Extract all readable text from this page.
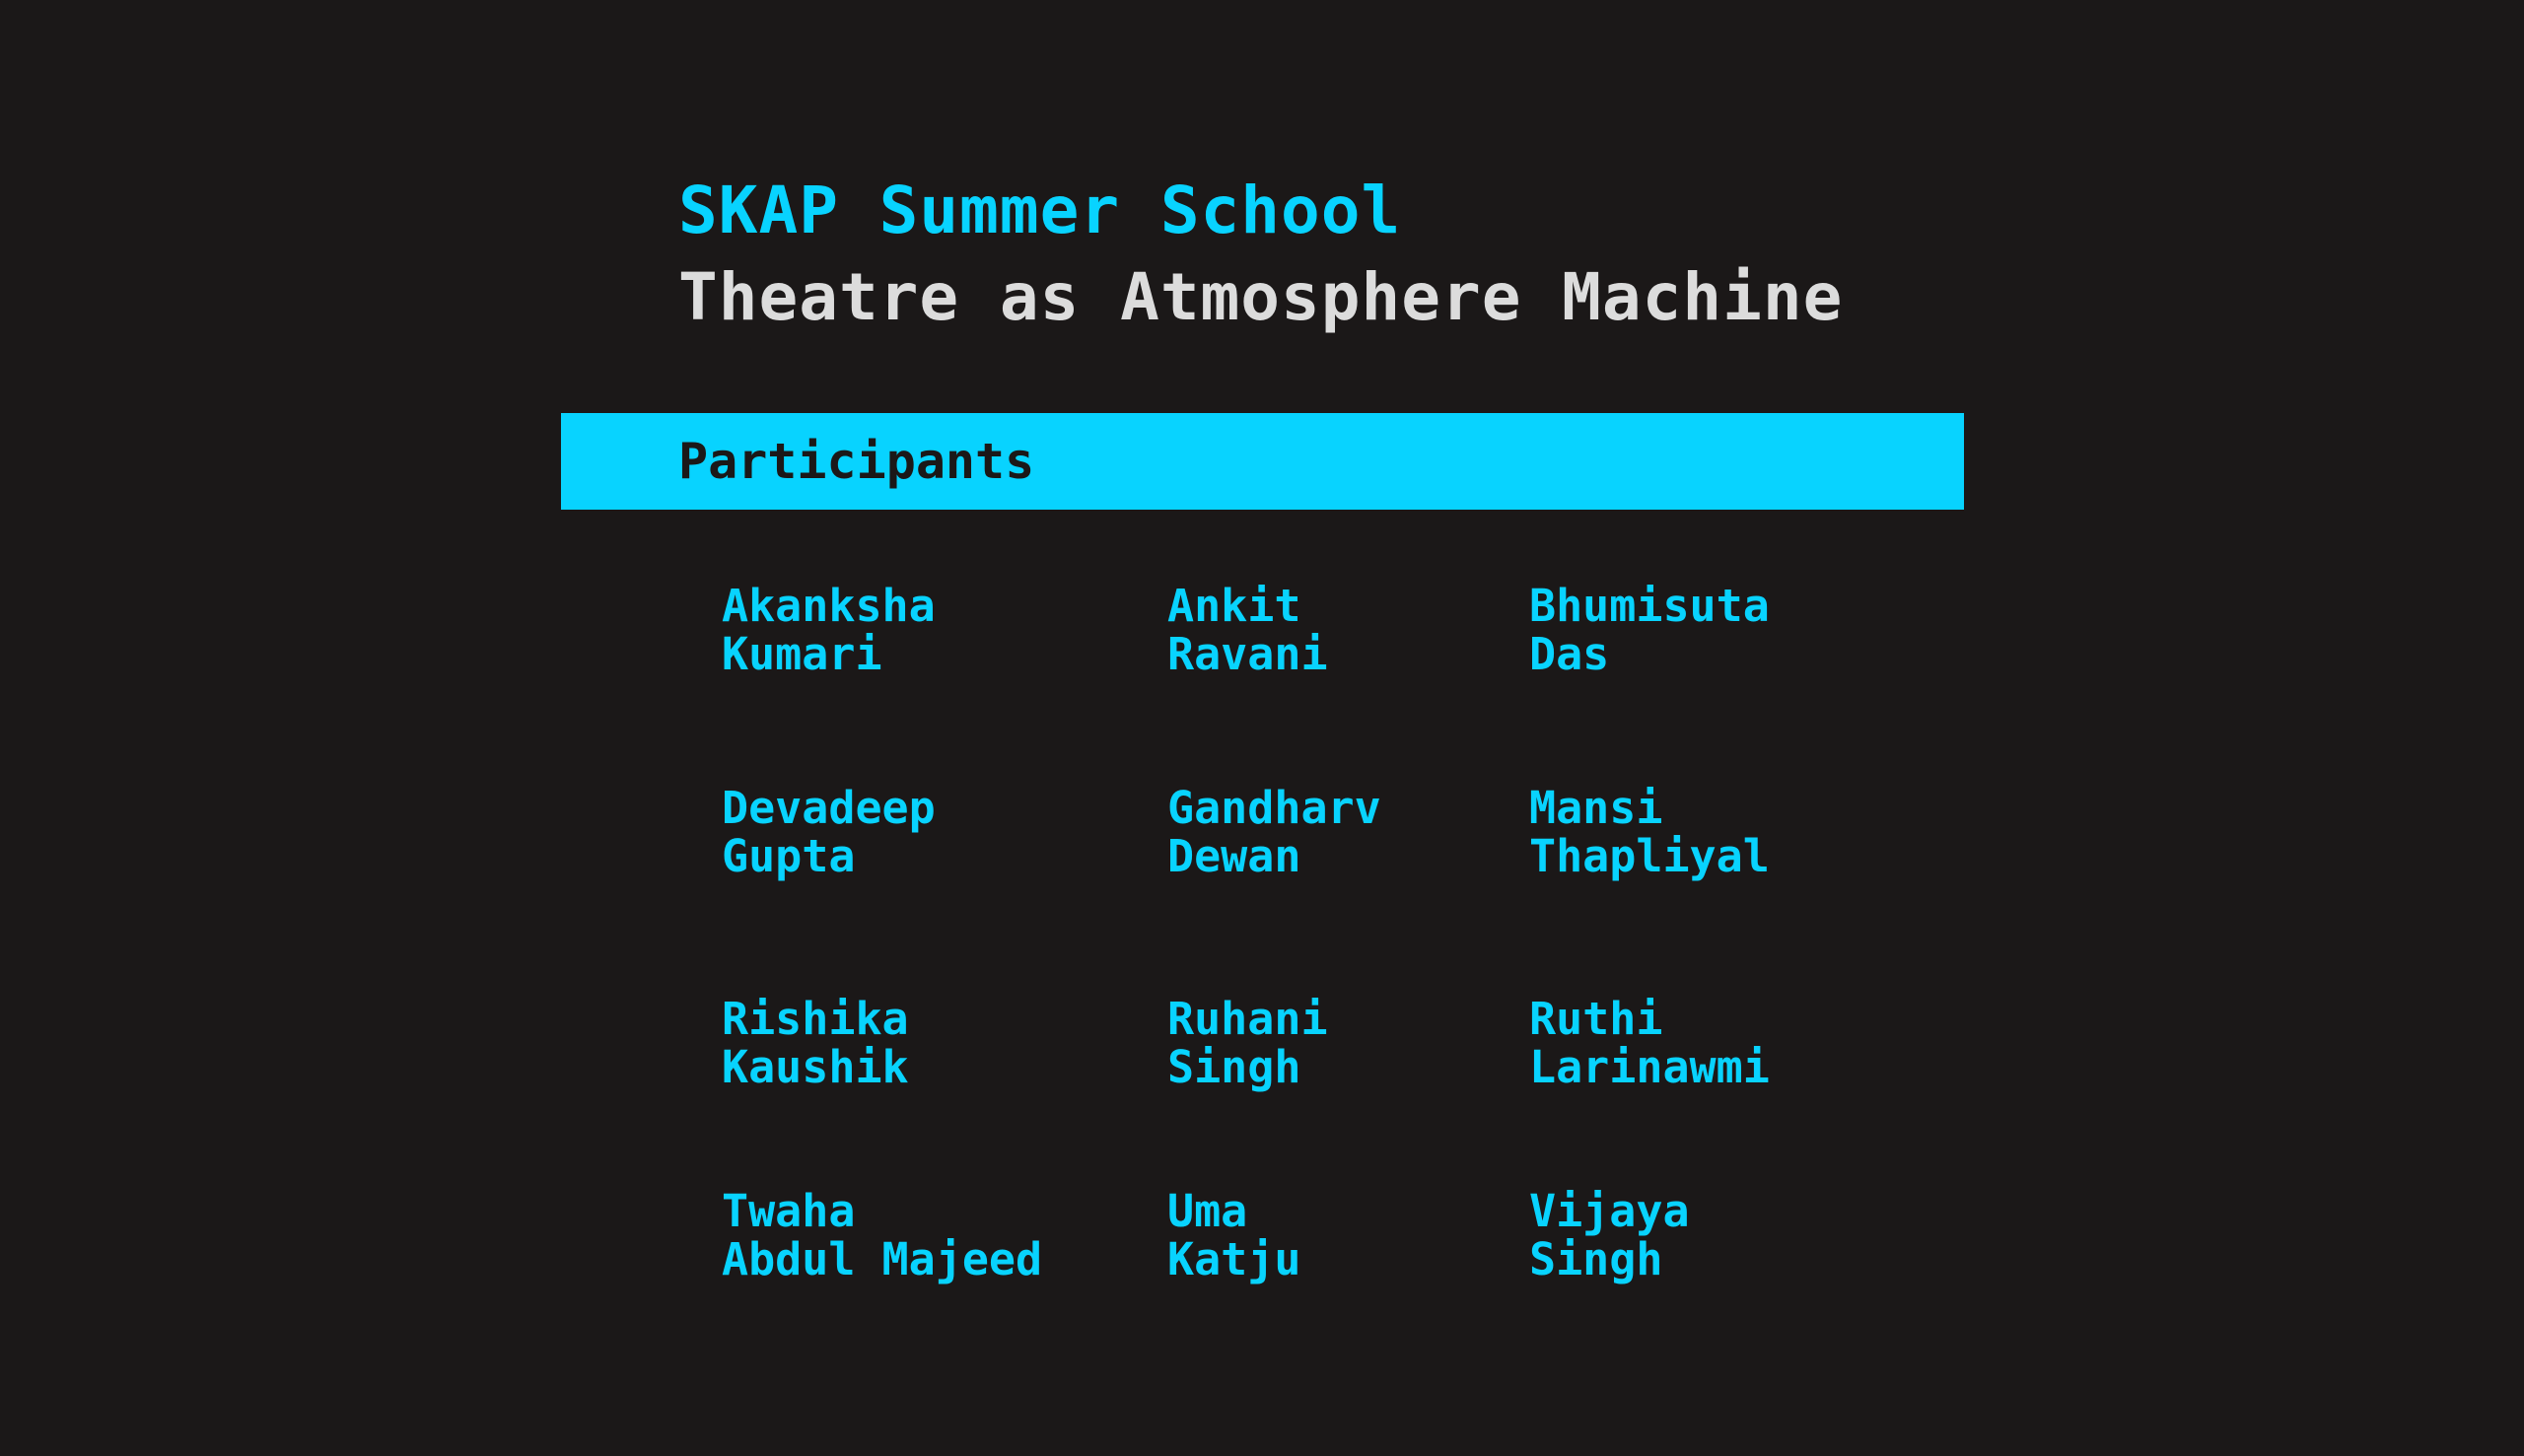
SKAP Summer School
Theatre as Atmosphere Machine
Participants
Akanksha
Kumari
Ankit
Ravani
Bhumisuta
Das
Devadeep
Gupta
Gandharv
Dewan
Mansi
Thapliyal
Rishika
Kaushik
Ruhani
Singh
Ruthi
Larinawmi
Twaha
Abdul Majeed
Uma
Katju
Vijaya
Singh
